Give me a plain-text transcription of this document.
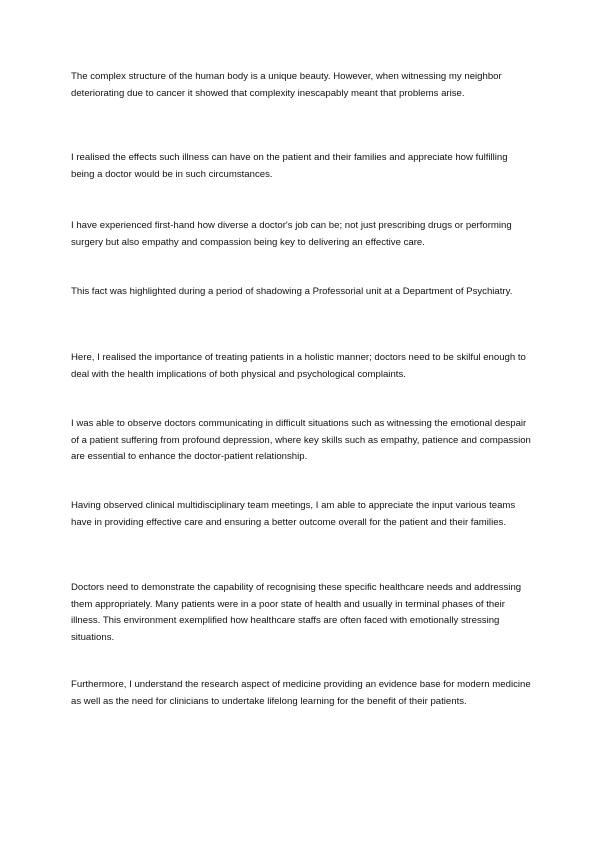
The complex structure of the human body is a unique beauty. However, when witnessing my neighbor deteriorating due to cancer it showed that complexity inescapably meant that problems arise.

I realised the effects such illness can have on the patient and their families and appreciate how fulfilling being a doctor would be in such circumstances.

I have experienced first-hand how diverse a doctor's job can be; not just prescribing drugs or performing surgery but also empathy and compassion being key to delivering an effective care.

This fact was highlighted during a period of shadowing a Professorial unit at a Department of Psychiatry.

Here, I realised the importance of treating patients in a holistic manner; doctors need to be skilful enough to deal with the health implications of both physical and psychological complaints.

I was able to observe doctors communicating in difficult situations such as witnessing the emotional despair of a patient suffering from profound depression, where key skills such as empathy, patience and compassion are essential to enhance the doctor-patient relationship.

Having observed clinical multidisciplinary team meetings, I am able to appreciate the input various teams have in providing effective care and ensuring a better outcome overall for the patient and their families.

Doctors need to demonstrate the capability of recognising these specific healthcare needs and addressing them appropriately. Many patients were in a poor state of health and usually in terminal phases of their illness. This environment exemplified how healthcare staffs are often faced with emotionally stressing situations.

Furthermore, I understand the research aspect of medicine providing an evidence base for modern medicine as well as the need for clinicians to undertake lifelong learning for the benefit of their patients.
